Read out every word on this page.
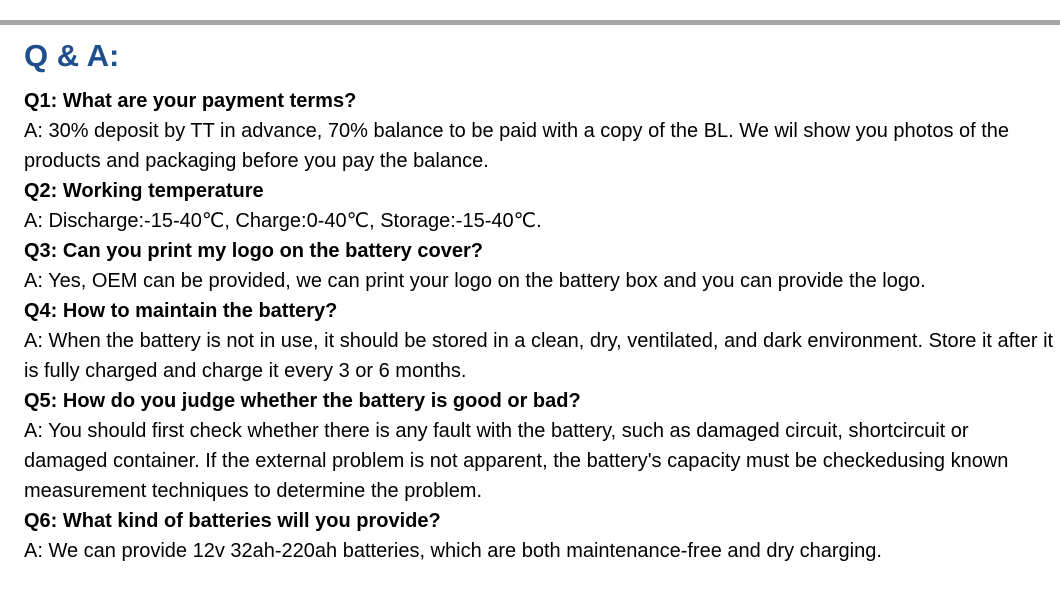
Q & A:

Q1: What are your payment terms?

A: 30% deposit by TT in advance, 70% balance to be paid with a copy of the BL. We wil show you photos of the products and packaging before you pay the balance.

Q2: Working temperature

A: Discharge:-15-40℃, Charge:0-40℃, Storage:-15-40℃.

Q3: Can you print my logo on the battery cover?

A: Yes, OEM can be provided, we can print your logo on the battery box and you can provide the logo.

Q4: How to maintain the battery?

A: When the battery is not in use, it should be stored in a clean, dry, ventilated, and dark environment. Store it after it is fully charged and charge it every 3 or 6 months.

Q5: How do you judge whether the battery is good or bad?

A: You should first check whether there is any fault with the battery, such as damaged circuit, shortcircuit or damaged container. If the external problem is not apparent, the battery's capacity must be checkedusing known measurement techniques to determine the problem.

Q6: What kind of batteries will you provide?

A: We can provide 12v 32ah-220ah batteries, which are both maintenance-free and dry charging.
